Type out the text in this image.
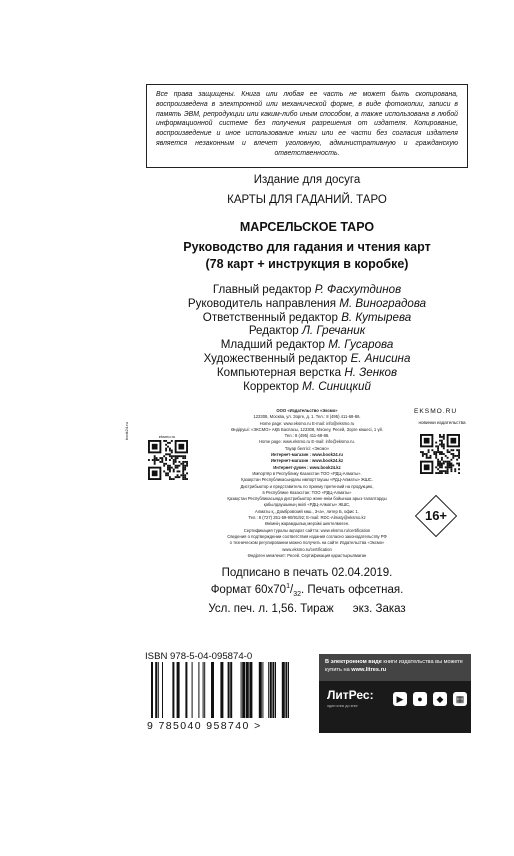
Все права защищены. Книга или любая ее часть не может быть скопирована, воспроизведена в электронной или механической форме, в виде фотокопии, записи в память ЭВМ, репродукции или каким-либо иным способом, а также использована в любой информационной системе без получения разрешения от издателя. Копирование, воспроизведение и иное использование книги или ее части без согласия издателя является незаконным и влечет уголовную, административную и гражданскую ответственность.
Издание для досуга
КАРТЫ ДЛЯ ГАДАНИЙ. ТАРО
МАРСЕЛЬСКОЕ ТАРО
Руководство для гадания и чтения карт
(78 карт + инструкция в коробке)
Главный редактор Р. Фасхутдинов
Руководитель направления М. Виноградова
Ответственный редактор В. Кутырева
Редактор Л. Гречаник
Младший редактор М. Гусарова
Художественный редактор Е. Анисина
Компьютерная верстка Н. Зенков
Корректор М. Синицкий
ООО «Издательство «Эксмо»
123308, Москва, ул. Зорге, д. 1. Тел.: 8 (495) 411-68-86.
Home page: www.eksmo.ru E-mail: info@eksmo.ru
Өндіруші: «ЭКСМО» АҚБ Баспасы, 123308, Мәскеу, Ресей, Зорге көшесі, 1 үй.
Тел.: 8 (495) 411-68-86.
Home page: www.eksmo.ru E-mail: info@eksmo.ru.
Тауар белгісі: «Эксмо»
Интернет-магазин : www.book24.ru
Интернет-магазин : www.book24.kz
Интернет-дүкен : www.book24.kz
Импортёр в Республику Казахстан ТОО «РДЦ-Алматы».
Қазақстан Республикасындағы импорттаушы «РДЦ-Алматы» ЖШС.
Дистрибьютор и представитель по приему претензий на продукцию,
в Республике Казахстан: ТОО «РДЦ-Алматы»
Қазақстан Республикасында дистрибьютор және өнім бойынша арыз-талаптарды
қабылдаушының өкілі «РДЦ-Алматы» ЖШС,
Алматы қ., Домбровский көш., 3«а», литер Б, офис 1.
Тел.: 8 (727) 251-59-90/91/92; E-mail: RDC-Almaty@eksmo.kz
Өнімнің жарамдылық мерзімі шектелмеген.
Сертификация туралы ақпарат сайтта: www.eksmo.ru/certification
Сведения о подтверждении соответствия издания согласно законодательству РФ
о техническом регулировании можно получить на сайте Издательства «Эксмо»
www.eksmo.ru/certification
Өндірген мемлекет: Ресей. Сертификация қарастырылмаған
book24.ru	eksmo.ru
EKSMO.RU
новинки издательства
16+
Подписано в печать 02.04.2019.
Формат $60х70^1/_{32}$. Печать офсетная.
Усл. печ. л. 1,56. Тираж      экз. Заказ
ISBN 978-5-04-095874-0
9 785040 958740 >
В электронном виде книги издательства вы можете купить на www.litres.ru
ЛитРес:
один клик до книг
▶	●	◆	▦
